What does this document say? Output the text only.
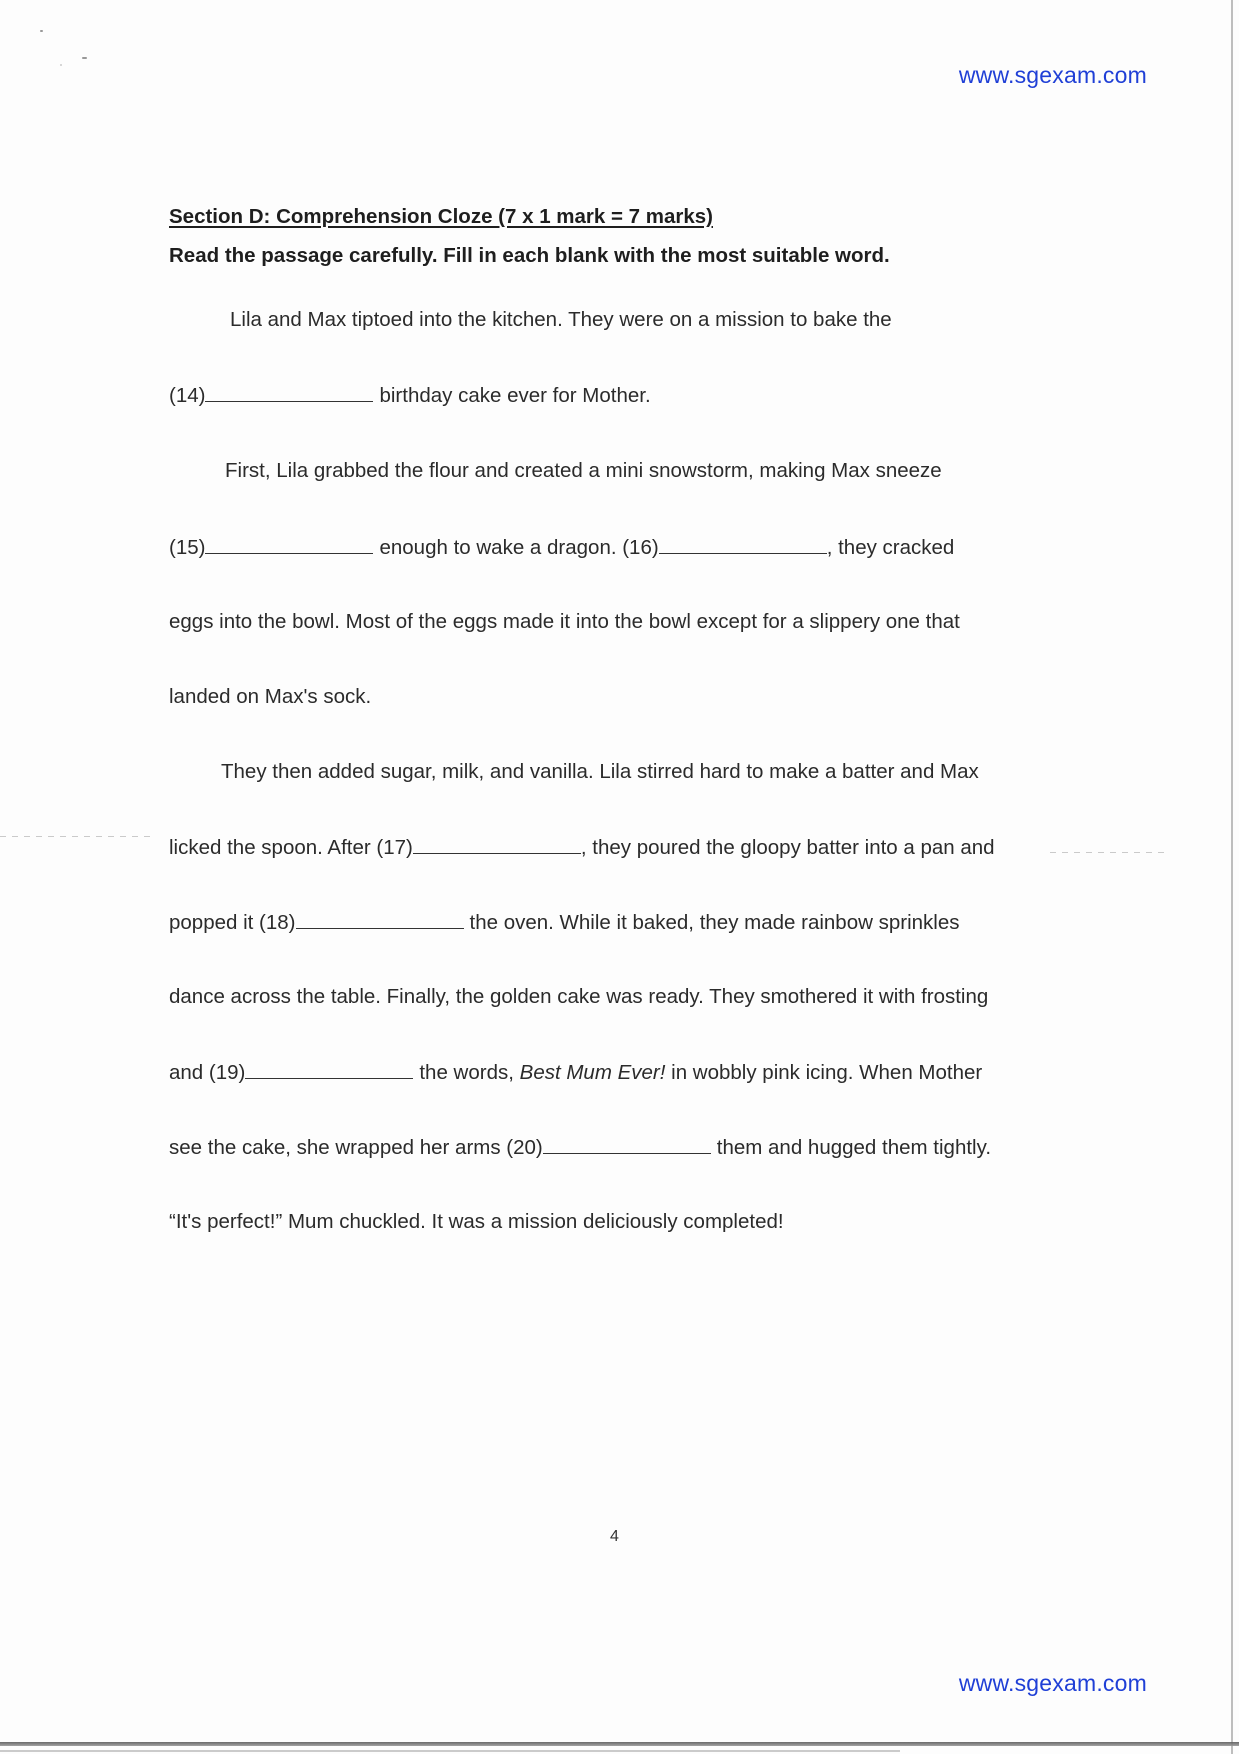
www.sgexam.com
Section D: Comprehension Cloze (7 x 1 mark = 7 marks)
Read the passage carefully. Fill in each blank with the most suitable word.
Lila and Max tiptoed into the kitchen. They were on a mission to bake the
(14)	birthday cake ever for Mother.
First, Lila grabbed the flour and created a mini snowstorm, making Max sneeze
(15)	enough to wake a dragon. (16)	, they cracked
eggs into the bowl. Most of the eggs made it into the bowl except for a slippery one that
landed on Max's sock.
They then added sugar, milk, and vanilla. Lila stirred hard to make a batter and Max
licked the spoon. After (17)	, they poured the gloopy batter into a pan and
popped it (18)	the oven. While it baked, they made rainbow sprinkles
dance across the table. Finally, the golden cake was ready. They smothered it with frosting
and (19)	the words, Best Mum Ever! in wobbly pink icing. When Mother
see the cake, she wrapped her arms (20)	them and hugged them tightly.
“It's perfect!” Mum chuckled. It was a mission deliciously completed!
4
www.sgexam.com
